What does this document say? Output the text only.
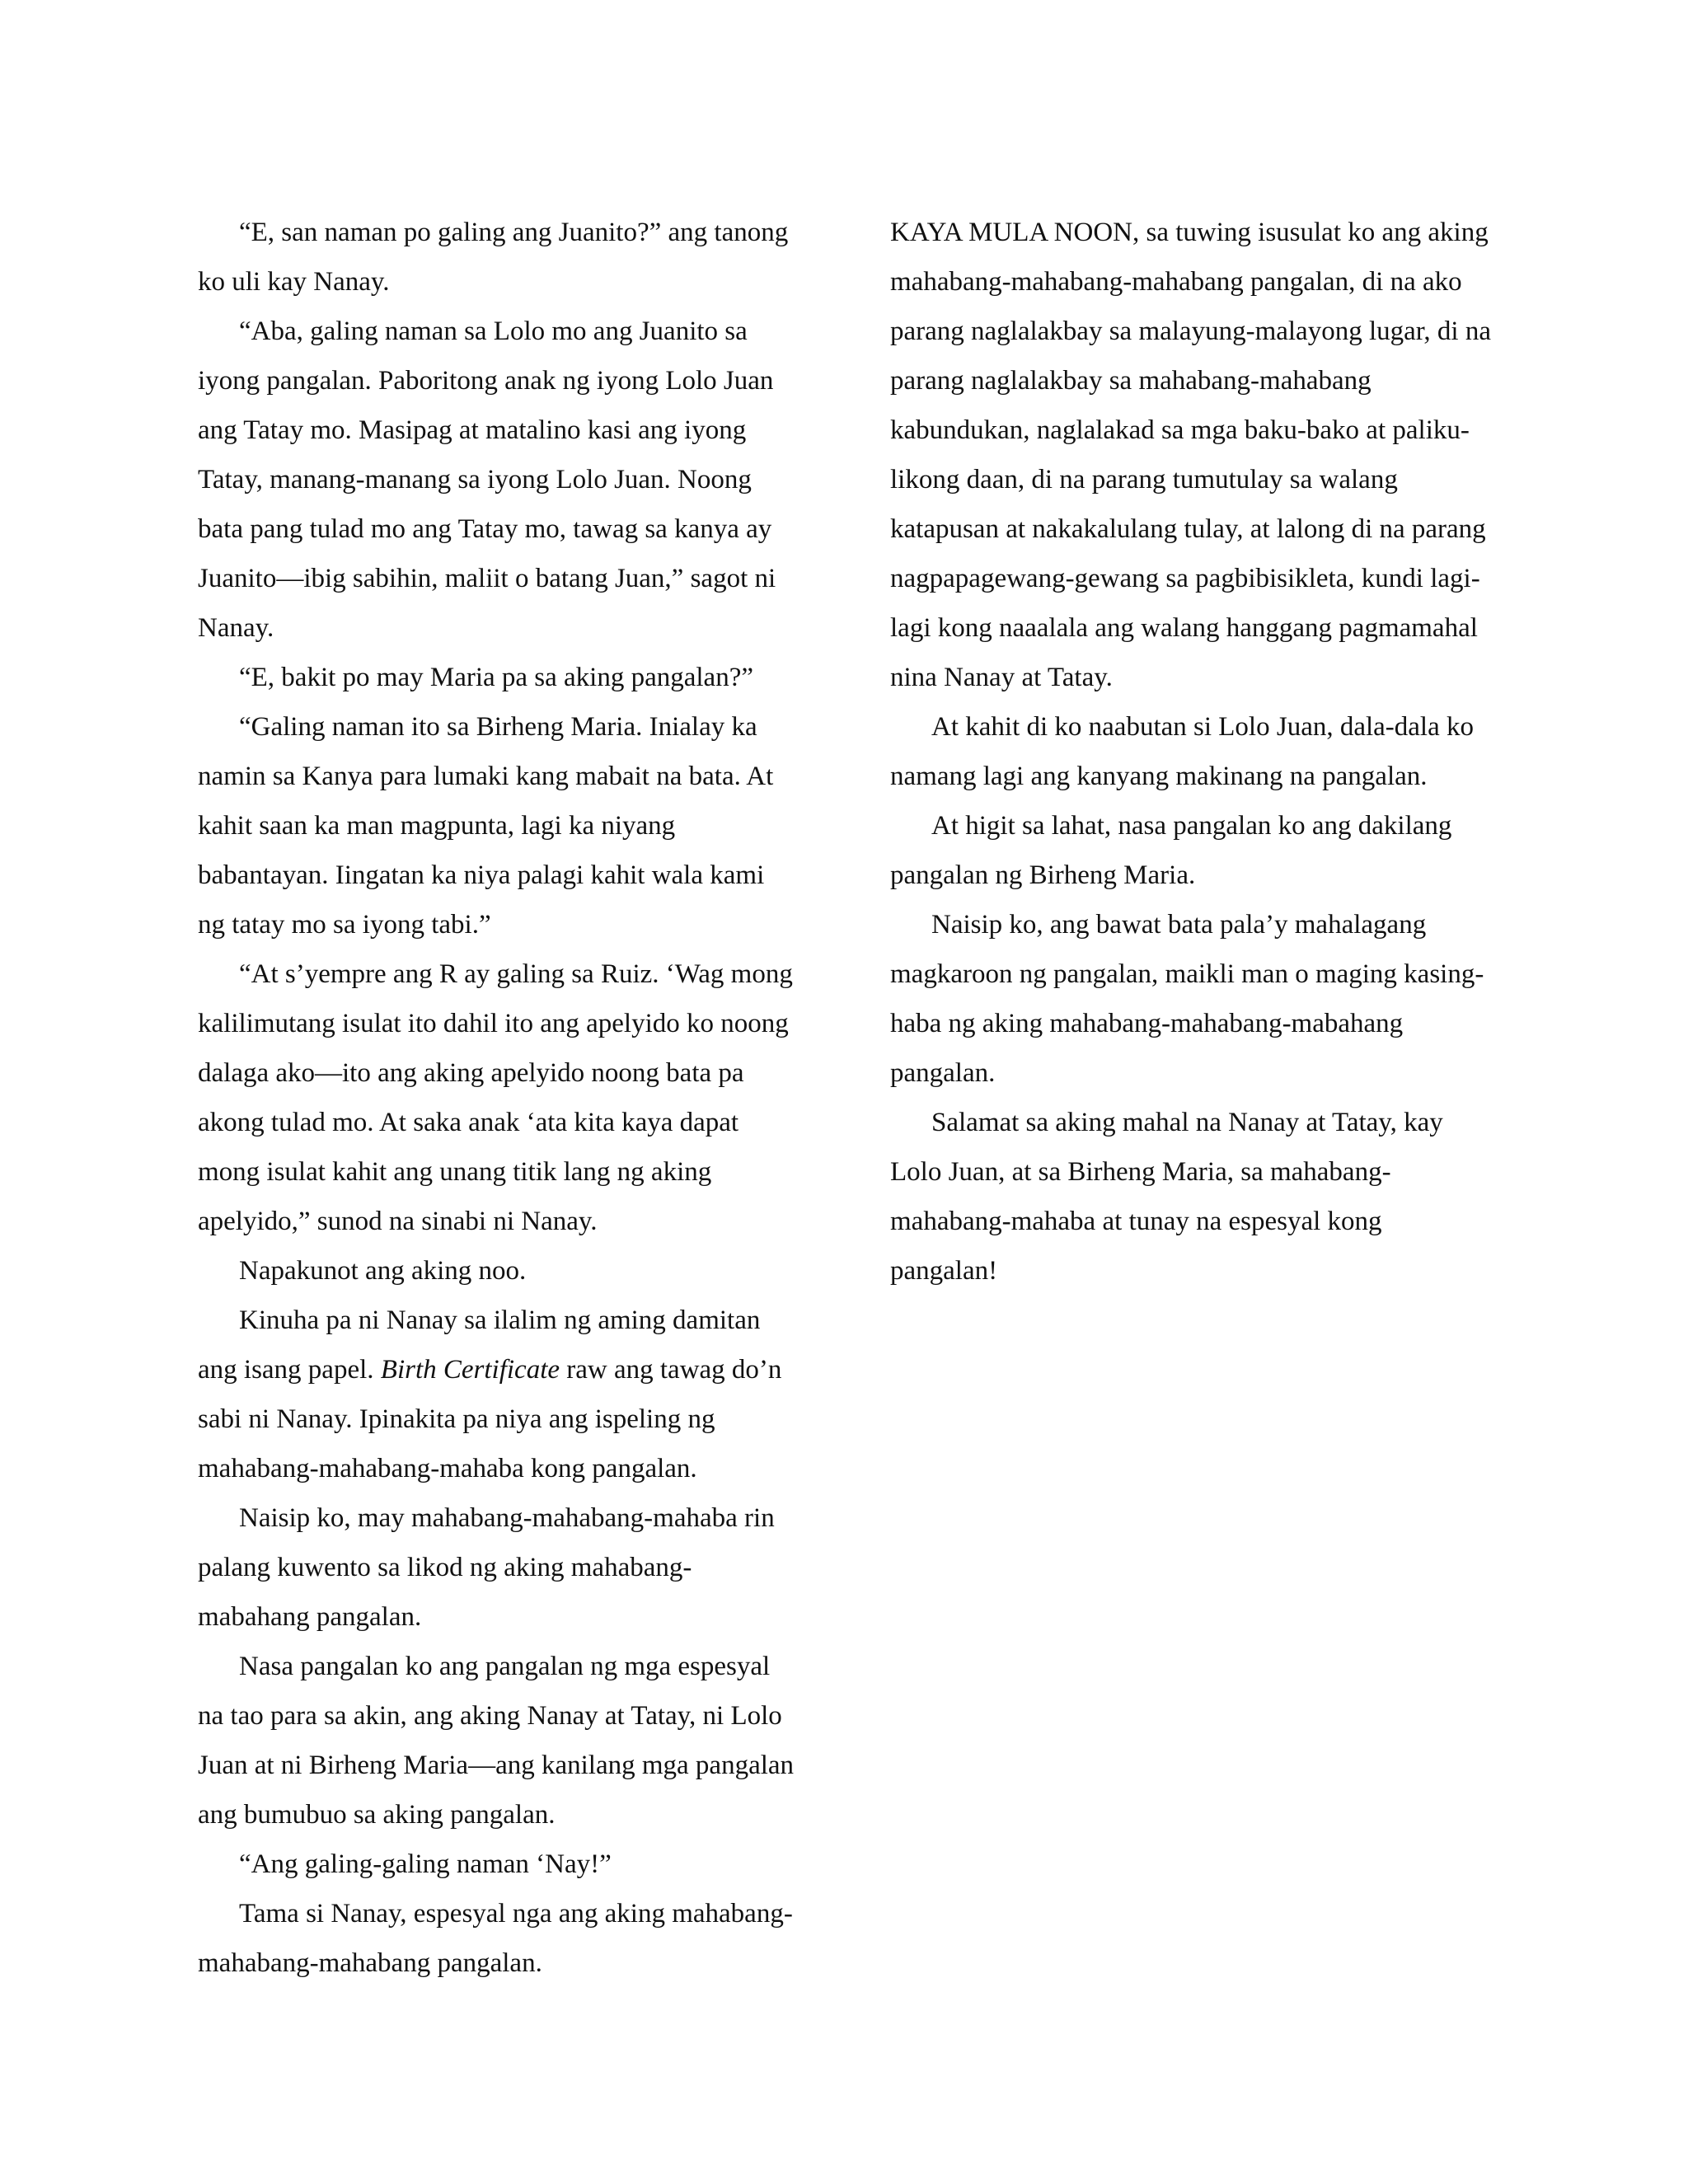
“E, san naman po galing ang Juanito?” ang tanong ko uli kay Nanay.

“Aba, galing naman sa Lolo mo ang Juanito sa iyong pangalan. Paboritong anak ng iyong Lolo Juan ang Tatay mo. Masipag at matalino kasi ang iyong Tatay, manang-manang sa iyong Lolo Juan. Noong bata pang tulad mo ang Tatay mo, tawag sa kanya ay Juanito—ibig sabihin, maliit o batang Juan,” sagot ni Nanay.

“E, bakit po may Maria pa sa aking pangalan?”

“Galing naman ito sa Birheng Maria. Inialay ka namin sa Kanya para lumaki kang mabait na bata. At kahit saan ka man magpunta, lagi ka niyang babantayan. Iingatan ka niya palagi kahit wala kami ng tatay mo sa iyong tabi.”

“At s’yempre ang R ay galing sa Ruiz. ‘Wag mong kalilimutang isulat ito dahil ito ang apelyido ko noong dalaga ako—ito ang aking apelyido noong bata pa akong tulad mo. At saka anak ‘ata kita kaya dapat mong isulat kahit ang unang titik lang ng aking apelyido,” sunod na sinabi ni Nanay.

Napakunot ang aking noo.

Kinuha pa ni Nanay sa ilalim ng aming damitan ang isang papel. Birth Certificate raw ang tawag do’n sabi ni Nanay. Ipinakita pa niya ang ispeling ng mahabang-mahabang-mahaba kong pangalan.

Naisip ko, may mahabang-mahabang-mahaba rin palang kuwento sa likod ng aking mahabang-mabahang pangalan.

Nasa pangalan ko ang pangalan ng mga espesyal na tao para sa akin, ang aking Nanay at Tatay, ni Lolo Juan at ni Birheng Maria—ang kanilang mga pangalan ang bumubuo sa aking pangalan.

“Ang galing-galing naman ‘Nay!”

Tama si Nanay, espesyal nga ang aking mahabang-mahabang-mahabang pangalan.

KAYA MULA NOON, sa tuwing isusulat ko ang aking mahabang-mahabang-mahabang pangalan, di na ako parang naglalakbay sa malayung-malayong lugar, di na parang naglalakbay sa mahabang-mahabang kabundukan, naglalakad sa mga baku-bako at paliku-likong daan, di na parang tumutulay sa walang katapusan at nakakalulang tulay, at lalong di na parang nagpapagewang-gewang sa pagbibisikleta, kundi lagi-lagi kong naaalala ang walang hanggang pagmamahal nina Nanay at Tatay.

At kahit di ko naabutan si Lolo Juan, dala-dala ko namang lagi ang kanyang makinang na pangalan.

At higit sa lahat, nasa pangalan ko ang dakilang pangalan ng Birheng Maria.

Naisip ko, ang bawat bata pala’y mahalagang magkaroon ng pangalan, maikli man o maging kasing-haba ng aking mahabang-mahabang-mabahang pangalan.

Salamat sa aking mahal na Nanay at Tatay, kay Lolo Juan, at sa Birheng Maria, sa mahabang-mahabang-mahaba at tunay na espesyal kong pangalan!
